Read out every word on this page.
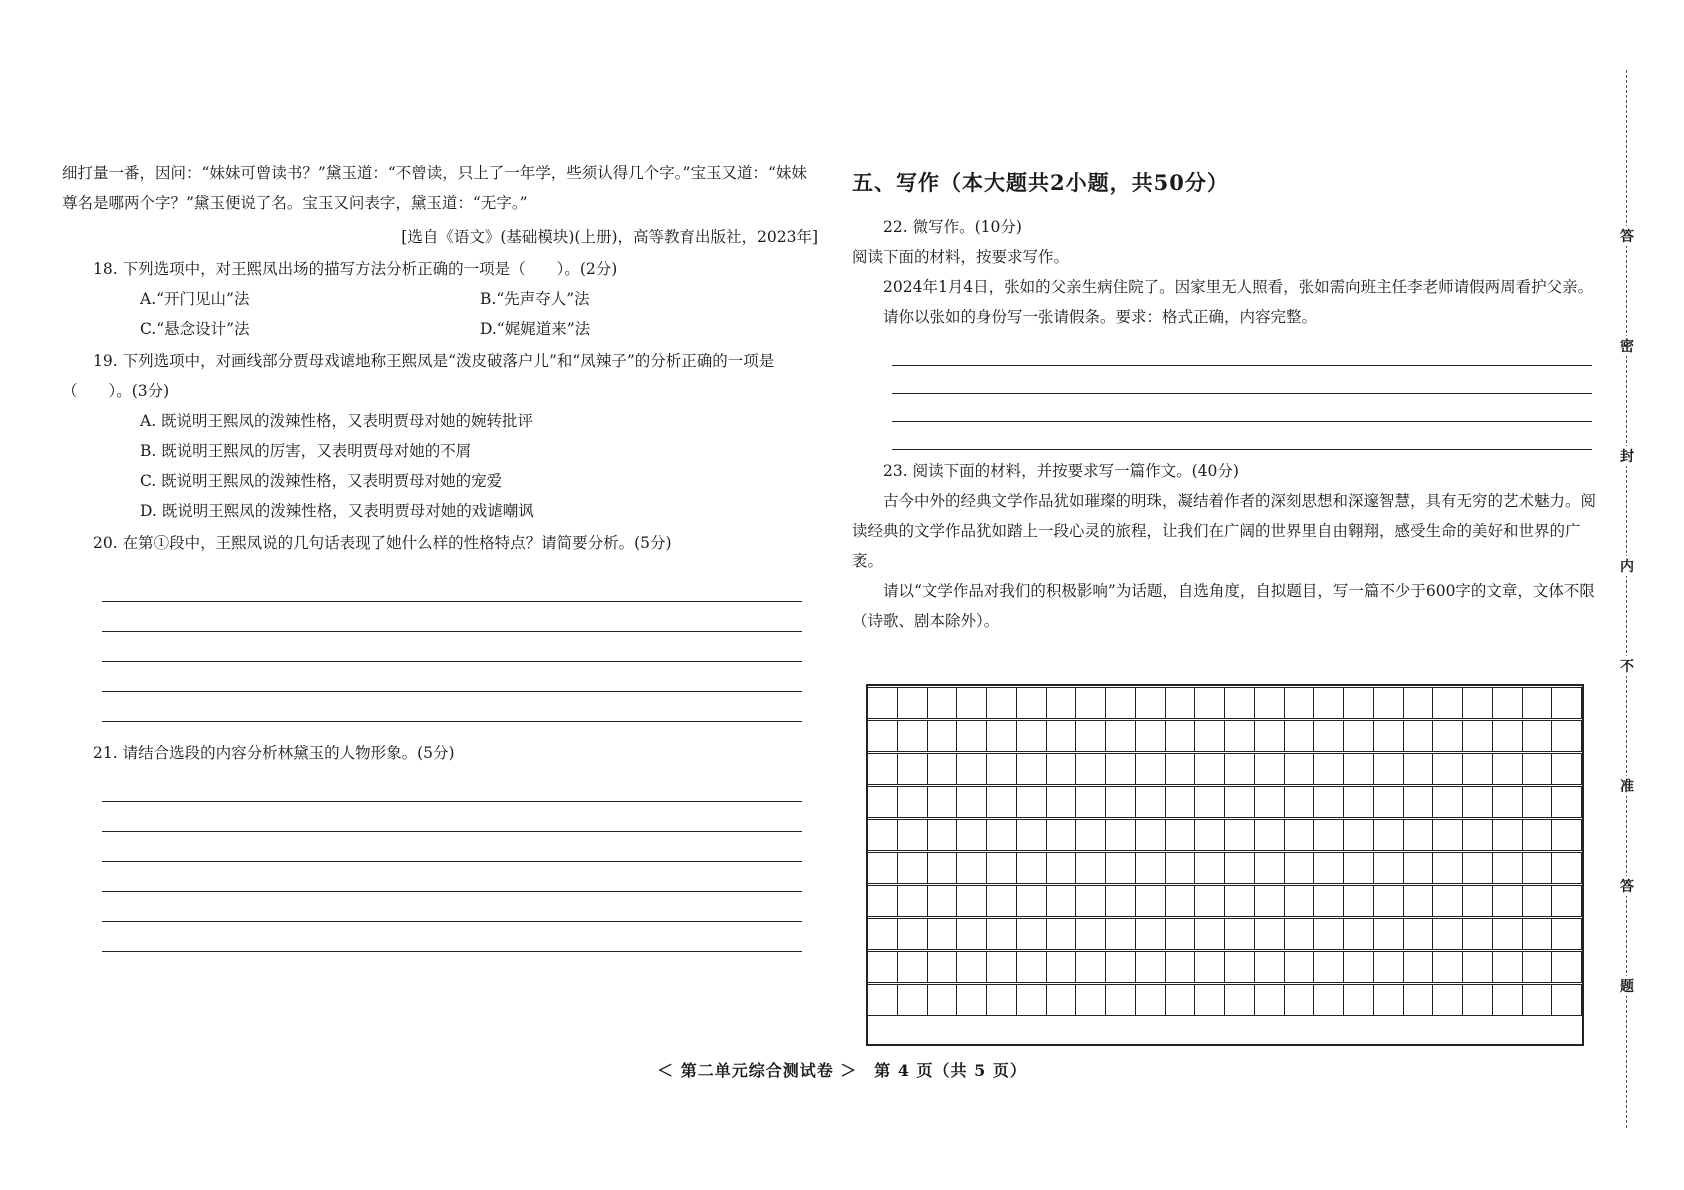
细打量一番，因问：“妹妹可曾读书？”黛玉道：“不曾读，只上了一年学，些须认得几个字。”宝玉又道：“妹妹尊名是哪两个字？”黛玉便说了名。宝玉又问表字，黛玉道：“无字。”

[选自《语文》(基础模块)(上册)，高等教育出版社，2023年]

18. 下列选项中，对王熙凤出场的描写方法分析正确的一项是（　　）。(2分)

A.“开门见山”法	B.“先声夺人”法
C.“悬念设计”法	D.“娓娓道来”法

19. 下列选项中，对画线部分贾母戏谑地称王熙凤是“泼皮破落户儿”和“凤辣子”的分析正确的一项是（　　）。(3分)

A. 既说明王熙凤的泼辣性格，又表明贾母对她的婉转批评

B. 既说明王熙凤的厉害，又表明贾母对她的不屑

C. 既说明王熙凤的泼辣性格，又表明贾母对她的宠爱

D. 既说明王熙凤的泼辣性格，又表明贾母对她的戏谑嘲讽

20. 在第①段中，王熙凤说的几句话表现了她什么样的性格特点？请简要分析。(5分)

21. 请结合选段的内容分析林黛玉的人物形象。(5分)

五、写作（本大题共2小题，共50分）

22. 微写作。(10分)

阅读下面的材料，按要求写作。

2024年1月4日，张如的父亲生病住院了。因家里无人照看，张如需向班主任李老师请假两周看护父亲。

请你以张如的身份写一张请假条。要求：格式正确，内容完整。

23. 阅读下面的材料，并按要求写一篇作文。(40分)

古今中外的经典文学作品犹如璀璨的明珠，凝结着作者的深刻思想和深邃智慧，具有无穷的艺术魅力。阅读经典的文学作品犹如踏上一段心灵的旅程，让我们在广阔的世界里自由翱翔，感受生命的美好和世界的广袤。

请以“文学作品对我们的积极影响”为话题，自选角度，自拟题目，写一篇不少于600字的文章，文体不限（诗歌、剧本除外）。

＜ 第二单元综合测试卷 ＞　第 4 页（共 5 页）
答
密
封
内
不
准
答
题
